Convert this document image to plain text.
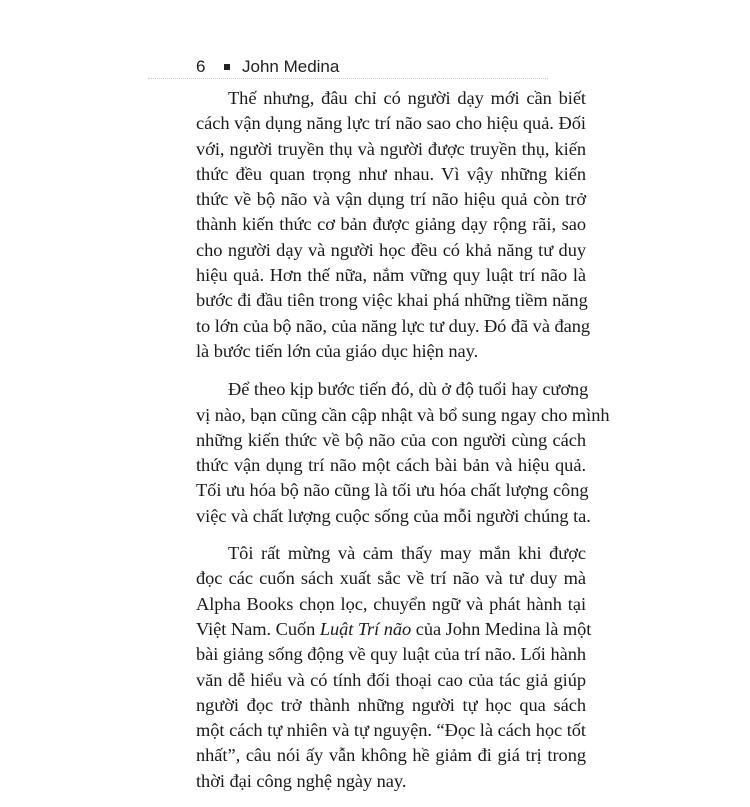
6	John Medina

Thế nhưng, đâu chỉ có người dạy mới cần biết
cách vận dụng năng lực trí não sao cho hiệu quả. Đối
với, người truyền thụ và người được truyền thụ, kiến
thức đều quan trọng như nhau. Vì vậy những kiến
thức về bộ não và vận dụng trí não hiệu quả còn trở
thành kiến thức cơ bản được giảng dạy rộng rãi, sao
cho người dạy và người học đều có khả năng tư duy
hiệu quả. Hơn thế nữa, nắm vững quy luật trí não là
bước đi đầu tiên trong việc khai phá những tiềm năng
to lớn của bộ não, của năng lực tư duy. Đó đã và đang
là bước tiến lớn của giáo dục hiện nay.

Để theo kịp bước tiến đó, dù ở độ tuổi hay cương
vị nào, bạn cũng cần cập nhật và bổ sung ngay cho mình
những kiến thức về bộ não của con người cùng cách
thức vận dụng trí não một cách bài bản và hiệu quả.
Tối ưu hóa bộ não cũng là tối ưu hóa chất lượng công
việc và chất lượng cuộc sống của mỗi người chúng ta.

Tôi rất mừng và cảm thấy may mắn khi được
đọc các cuốn sách xuất sắc về trí não và tư duy mà
Alpha Books chọn lọc, chuyển ngữ và phát hành tại
Việt Nam. Cuốn Luật Trí não của John Medina là một
bài giảng sống động về quy luật của trí não. Lối hành
văn dễ hiểu và có tính đối thoại cao của tác giả giúp
người đọc trở thành những người tự học qua sách
một cách tự nhiên và tự nguyện. “Đọc là cách học tốt
nhất”, câu nói ấy vẫn không hề giảm đi giá trị trong
thời đại công nghệ ngày nay.
